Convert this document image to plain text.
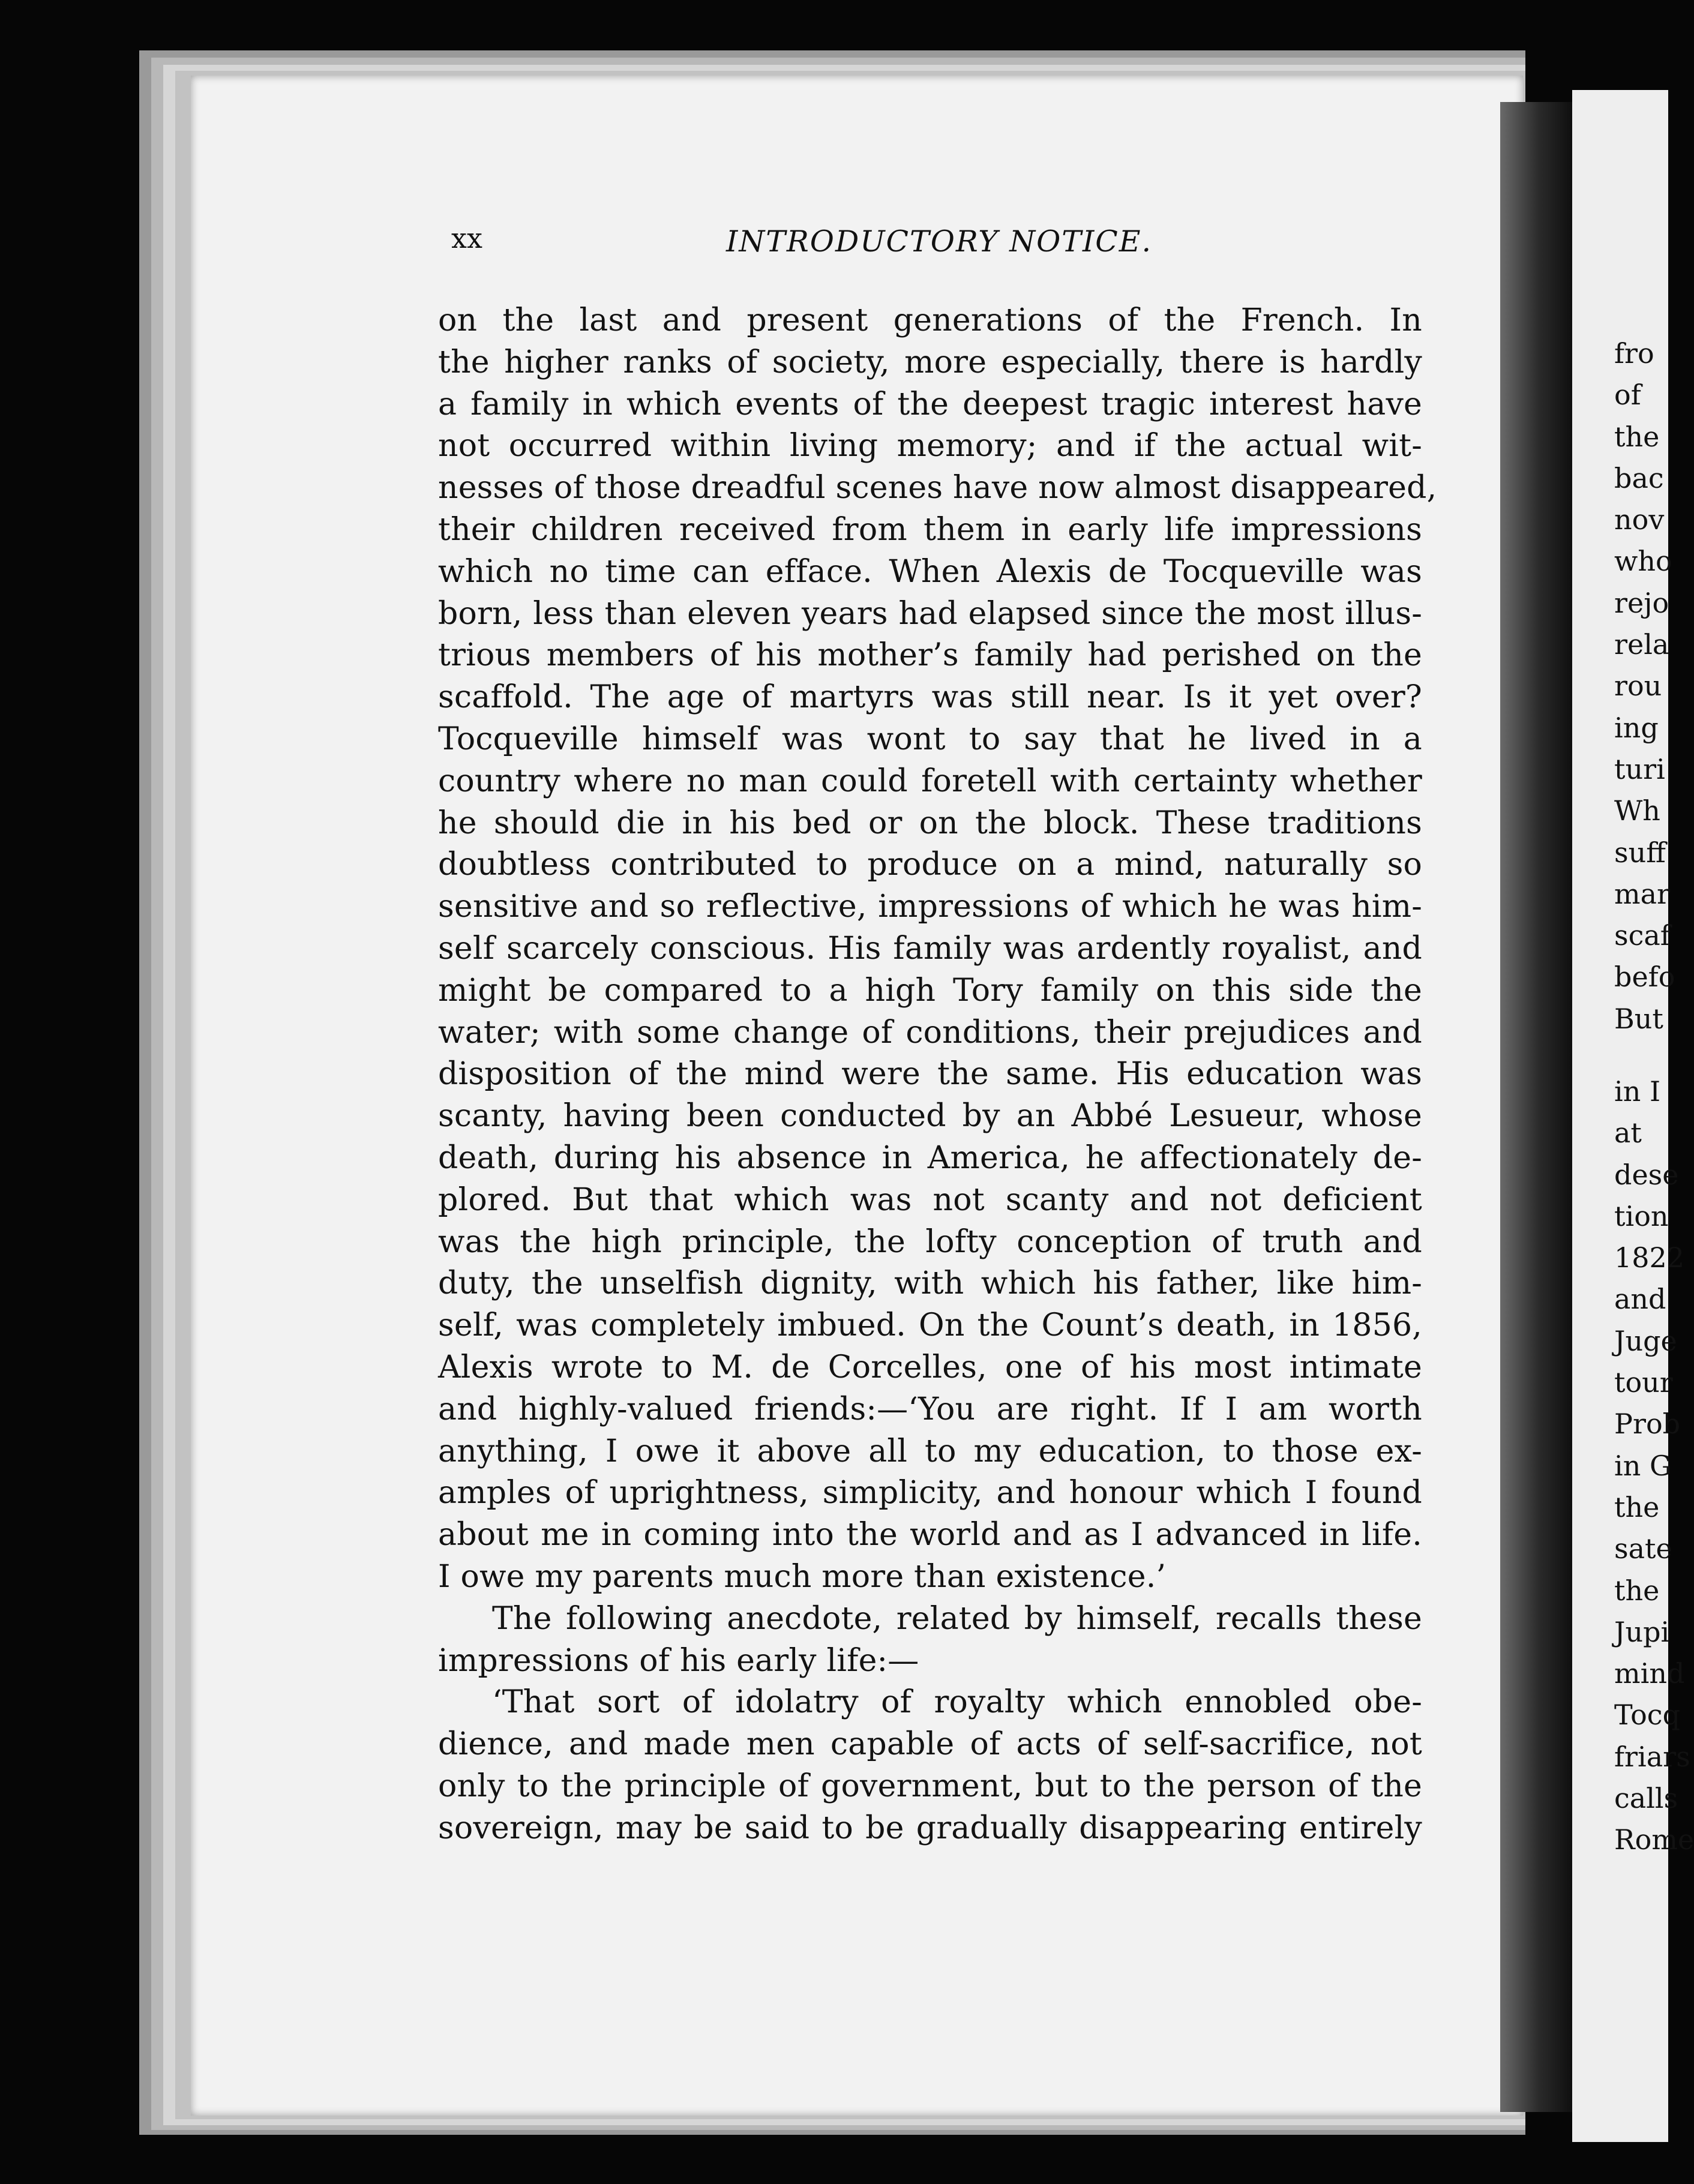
xx	INTRODUCTORY NOTICE.
on the last and present generations of the French. In
the higher ranks of society, more especially, there is hardly
a family in which events of the deepest tragic interest have
not occurred within living memory; and if the actual wit-
nesses of those dreadful scenes have now almost disappeared,
their children received from them in early life impressions
which no time can efface. When Alexis de Tocqueville was
born, less than eleven years had elapsed since the most illus-
trious members of his mother’s family had perished on the
scaffold. The age of martyrs was still near. Is it yet over?
Tocqueville himself was wont to say that he lived in a
country where no man could foretell with certainty whether
he should die in his bed or on the block. These traditions
doubtless contributed to produce on a mind, naturally so
sensitive and so reflective, impressions of which he was him-
self scarcely conscious. His family was ardently royalist, and
might be compared to a high Tory family on this side the
water; with some change of conditions, their prejudices and
disposition of the mind were the same. His education was
scanty, having been conducted by an Abbé Lesueur, whose
death, during his absence in America, he affectionately de-
plored. But that which was not scanty and not deficient
was the high principle, the lofty conception of truth and
duty, the unselfish dignity, with which his father, like him-
self, was completely imbued. On the Count’s death, in 1856,
Alexis wrote to M. de Corcelles, one of his most intimate
and highly-valued friends:—‘You are right. If I am worth
anything, I owe it above all to my education, to those ex-
amples of uprightness, simplicity, and honour which I found
about me in coming into the world and as I advanced in life.
I owe my parents much more than existence.’
The following anecdote, related by himself, recalls these
impressions of his early life:—
‘That sort of idolatry of royalty which ennobled obe-
dience, and made men capable of acts of self-sacrifice, not
only to the principle of government, but to the person of the
sovereign, may be said to be gradually disappearing entirely
fro
of
the
bac
nov
who
rejo
rela
rou
ing
turi
Wh
suff
mar
scaf
befo
But
in I
at
dese
tion
1822
and
Juge
tour
Prob
in G
the
sate
the
Jupi
mind
Tocq
friars
calls
Rome
